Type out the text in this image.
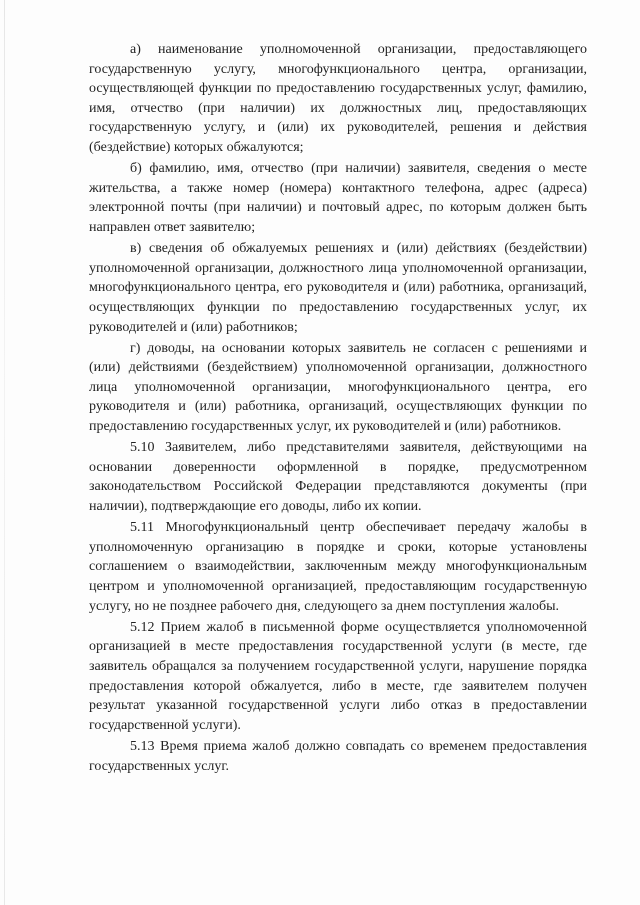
а) наименование уполномоченной организации, предоставляющего государственную услугу, многофункционального центра, организации, осуществляющей функции по предоставлению государственных услуг, фамилию, имя, отчество (при наличии) их должностных лиц, предоставляющих государственную услугу, и (или) их руководителей, решения и действия (бездействие) которых обжалуются;

б) фамилию, имя, отчество (при наличии) заявителя, сведения о месте жительства, а также номер (номера) контактного телефона, адрес (адреса) электронной почты (при наличии) и почтовый адрес, по которым должен быть направлен ответ заявителю;

в) сведения об обжалуемых решениях и (или) действиях (бездействии) уполномоченной организации, должностного лица уполномоченной организации, многофункционального центра, его руководителя и (или) работника, организаций, осуществляющих функции по предоставлению государственных услуг, их руководителей и (или) работников;

г) доводы, на основании которых заявитель не согласен с решениями и (или) действиями (бездействием) уполномоченной организации, должностного лица уполномоченной организации, многофункционального центра, его руководителя и (или) работника, организаций, осуществляющих функции по предоставлению государственных услуг, их руководителей и (или) работников.

5.10 Заявителем, либо представителями заявителя, действующими на основании доверенности оформленной в порядке, предусмотренном законодательством Российской Федерации представляются документы (при наличии), подтверждающие его доводы, либо их копии.

5.11 Многофункциональный центр обеспечивает передачу жалобы в уполномоченную организацию в порядке и сроки, которые установлены соглашением о взаимодействии, заключенным между многофункциональным центром и уполномоченной организацией, предоставляющим государственную услугу, но не позднее рабочего дня, следующего за днем поступления жалобы.

5.12 Прием жалоб в письменной форме осуществляется уполномоченной организацией в месте предоставления государственной услуги (в месте, где заявитель обращался за получением государственной услуги, нарушение порядка предоставления которой обжалуется, либо в месте, где заявителем получен результат указанной государственной услуги либо отказ в предоставлении государственной услуги).

5.13 Время приема жалоб должно совпадать со временем предоставления государственных услуг.
